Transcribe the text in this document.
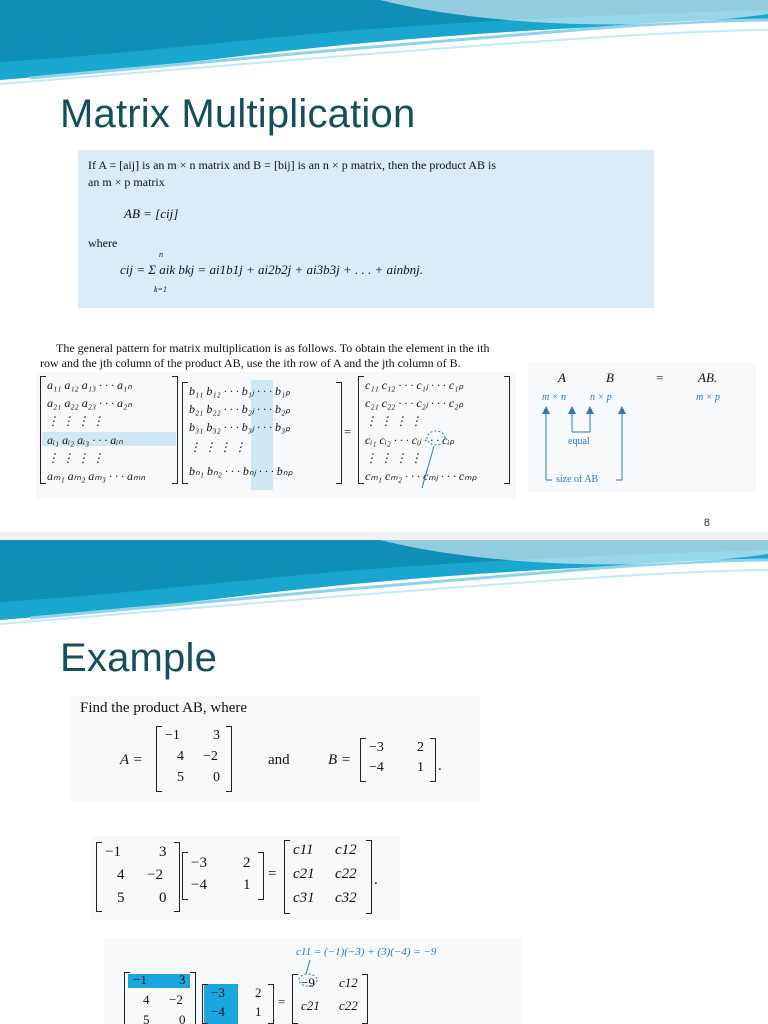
Matrix Multiplication
If A = [aij] is an m × n matrix and B = [bij] is an n × p matrix, then the product AB is
an m × p matrix
AB = [cij]
where
n
k=1
cij = Σ aik bkj = ai1b1j + ai2b2j + ai3b3j + . . . + ainbnj.
The general pattern for matrix multiplication is as follows. To obtain the element in the ith
row and the jth column of the product AB, use the ith row of A and the jth column of B.
a₁₁ a₁₂ a₁₃ · · · a₁ₙ
a₂₁ a₂₂ a₂₃ · · · a₂ₙ
⋮ ⋮ ⋮ ⋮
aᵢ₁ aᵢ₂ aᵢ₃ · · · aᵢₙ
⋮ ⋮ ⋮ ⋮
aₘ₁ aₘ₂ aₘ₃ · · · aₘₙ
b₁₁ b₁₂ · · · b₁ⱼ · · · b₁ₚ
b₂₁ b₂₂ · · · b₂ⱼ · · · b₂ₚ
b₃₁ b₃₂ · · · b₃ⱼ · · · b₃ₚ
⋮ ⋮ ⋮ ⋮
bₙ₁ bₙ₂ · · · bₙⱼ · · · bₙₚ
=
c₁₁ c₁₂ · · · c₁ⱼ · · · c₁ₚ
c₂₁ c₂₂ · · · c₂ⱼ · · · c₂ₚ
⋮ ⋮ ⋮ ⋮
cᵢ₁ cᵢ₂ · · · cᵢⱼ · · · cᵢₚ
⋮ ⋮ ⋮ ⋮
cₘ₁ cₘ₂ · · · cₘⱼ · · · cₘₚ
A	B	=	AB.
m × n n × p	m × p
equal
size of AB
8
Example
Find the product AB, where
A =
−1 3
4 −2
5 0
and	B =
−3 2
−4 1 .
−1	3
4 −2
5 0
−3 2
−4 1
=
c11 c12
c21 c22
c31 c32
.
c11 = (−1)(−3) + (3)(−4) = −9
−1 3
4 −2
5 0
−3 2
−4 1
=
−9 c12
c21 c22
